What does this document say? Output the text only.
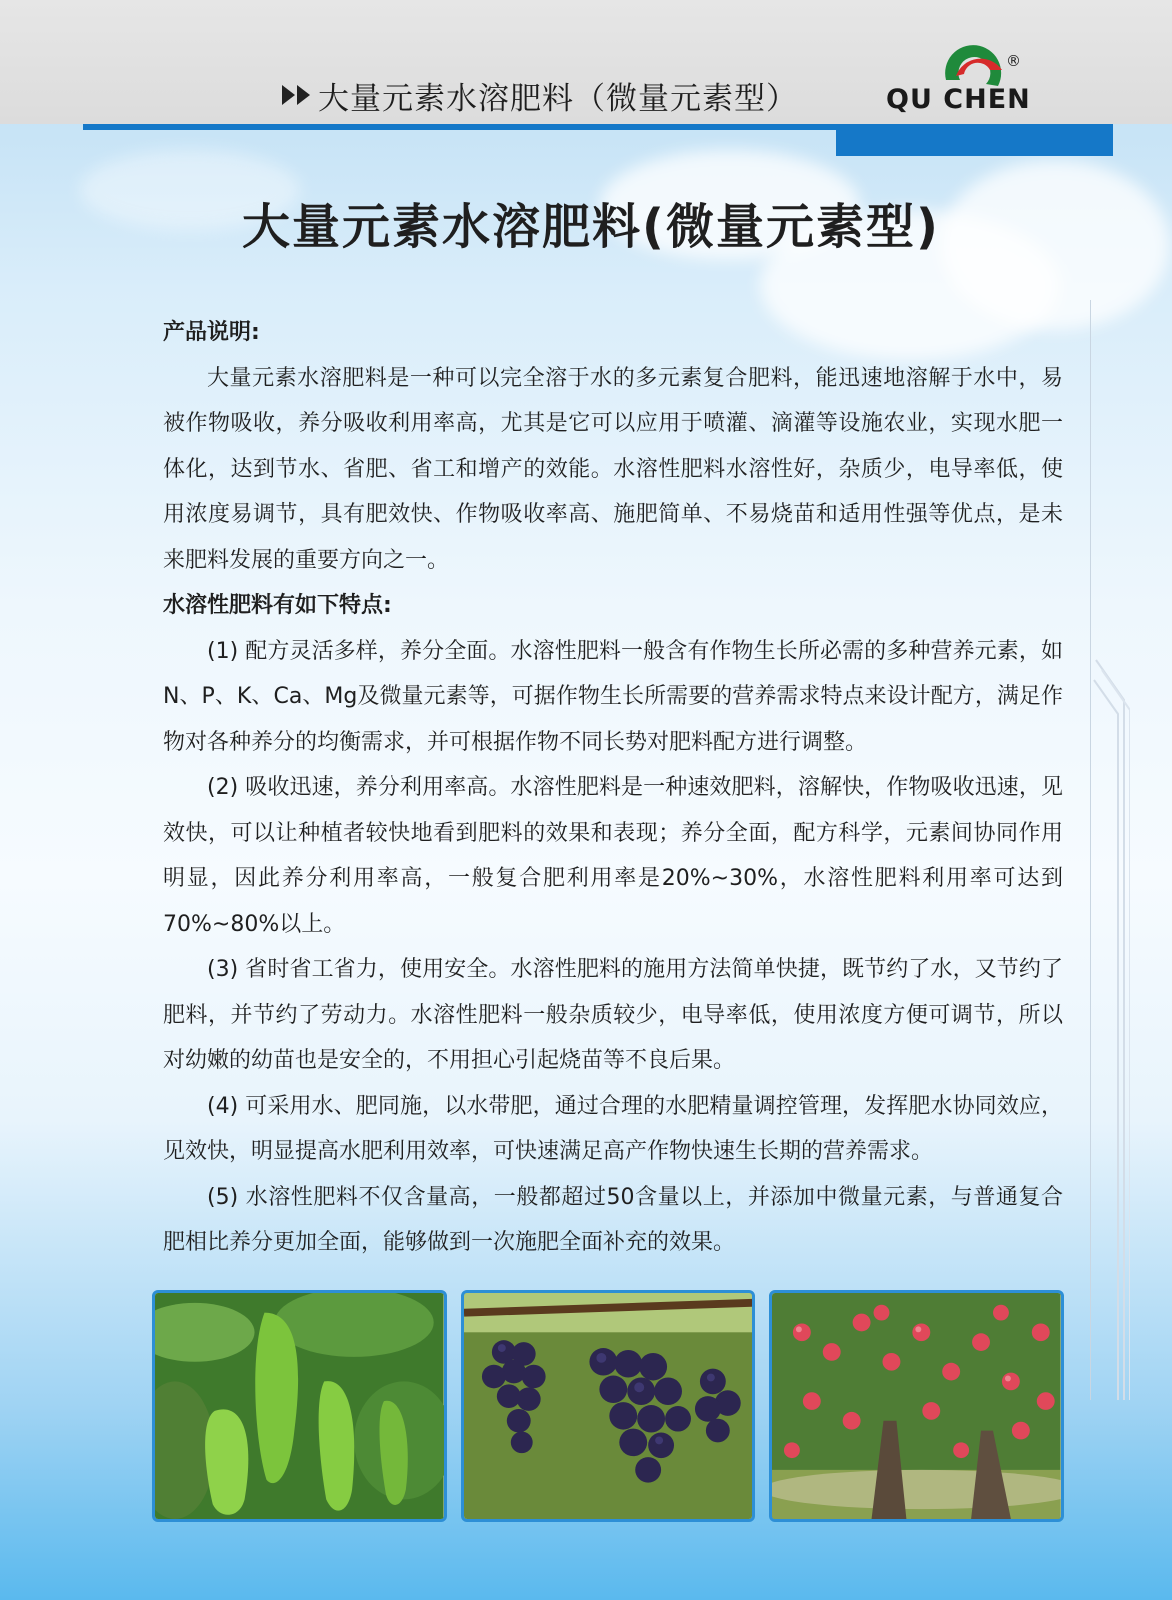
大量元素水溶肥料（微量元素型）	QU CHEN
®
大量元素水溶肥料(微量元素型)
产品说明:

大量元素水溶肥料是一种可以完全溶于水的多元素复合肥料，能迅速地溶解于水中，易被作物吸收，养分吸收利用率高，尤其是它可以应用于喷灌、滴灌等设施农业，实现水肥一体化，达到节水、省肥、省工和增产的效能。水溶性肥料水溶性好，杂质少，电导率低，使用浓度易调节，具有肥效快、作物吸收率高、施肥简单、不易烧苗和适用性强等优点，是未来肥料发展的重要方向之一。

水溶性肥料有如下特点:

(1) 配方灵活多样，养分全面。水溶性肥料一般含有作物生长所必需的多种营养元素，如N、P、K、Ca、Mg及微量元素等，可据作物生长所需要的营养需求特点来设计配方，满足作物对各种养分的均衡需求，并可根据作物不同长势对肥料配方进行调整。

(2) 吸收迅速，养分利用率高。水溶性肥料是一种速效肥料，溶解快，作物吸收迅速，见效快，可以让种植者较快地看到肥料的效果和表现；养分全面，配方科学，元素间协同作用明显，因此养分利用率高，一般复合肥利用率是20%~30%，水溶性肥料利用率可达到70%~80%以上。

(3) 省时省工省力，使用安全。水溶性肥料的施用方法简单快捷，既节约了水，又节约了肥料，并节约了劳动力。水溶性肥料一般杂质较少，电导率低，使用浓度方便可调节，所以对幼嫩的幼苗也是安全的，不用担心引起烧苗等不良后果。

(4) 可采用水、肥同施，以水带肥，通过合理的水肥精量调控管理，发挥肥水协同效应，见效快，明显提高水肥利用效率，可快速满足高产作物快速生长期的营养需求。

(5) 水溶性肥料不仅含量高，一般都超过50含量以上，并添加中微量元素，与普通复合肥相比养分更加全面，能够做到一次施肥全面补充的效果。
